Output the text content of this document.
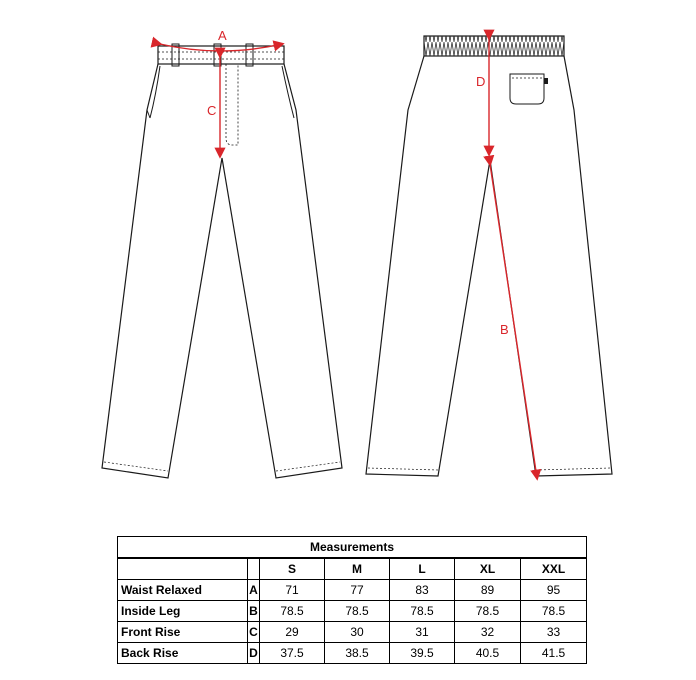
A
C
D
B
Measurements						
		S	M	L	XL	XXL
Waist Relaxed	A	71	77	83	89	95
Inside Leg	B	78.5	78.5	78.5	78.5	78.5
Front Rise	C	29	30	31	32	33
Back Rise	D	37.5	38.5	39.5	40.5	41.5
